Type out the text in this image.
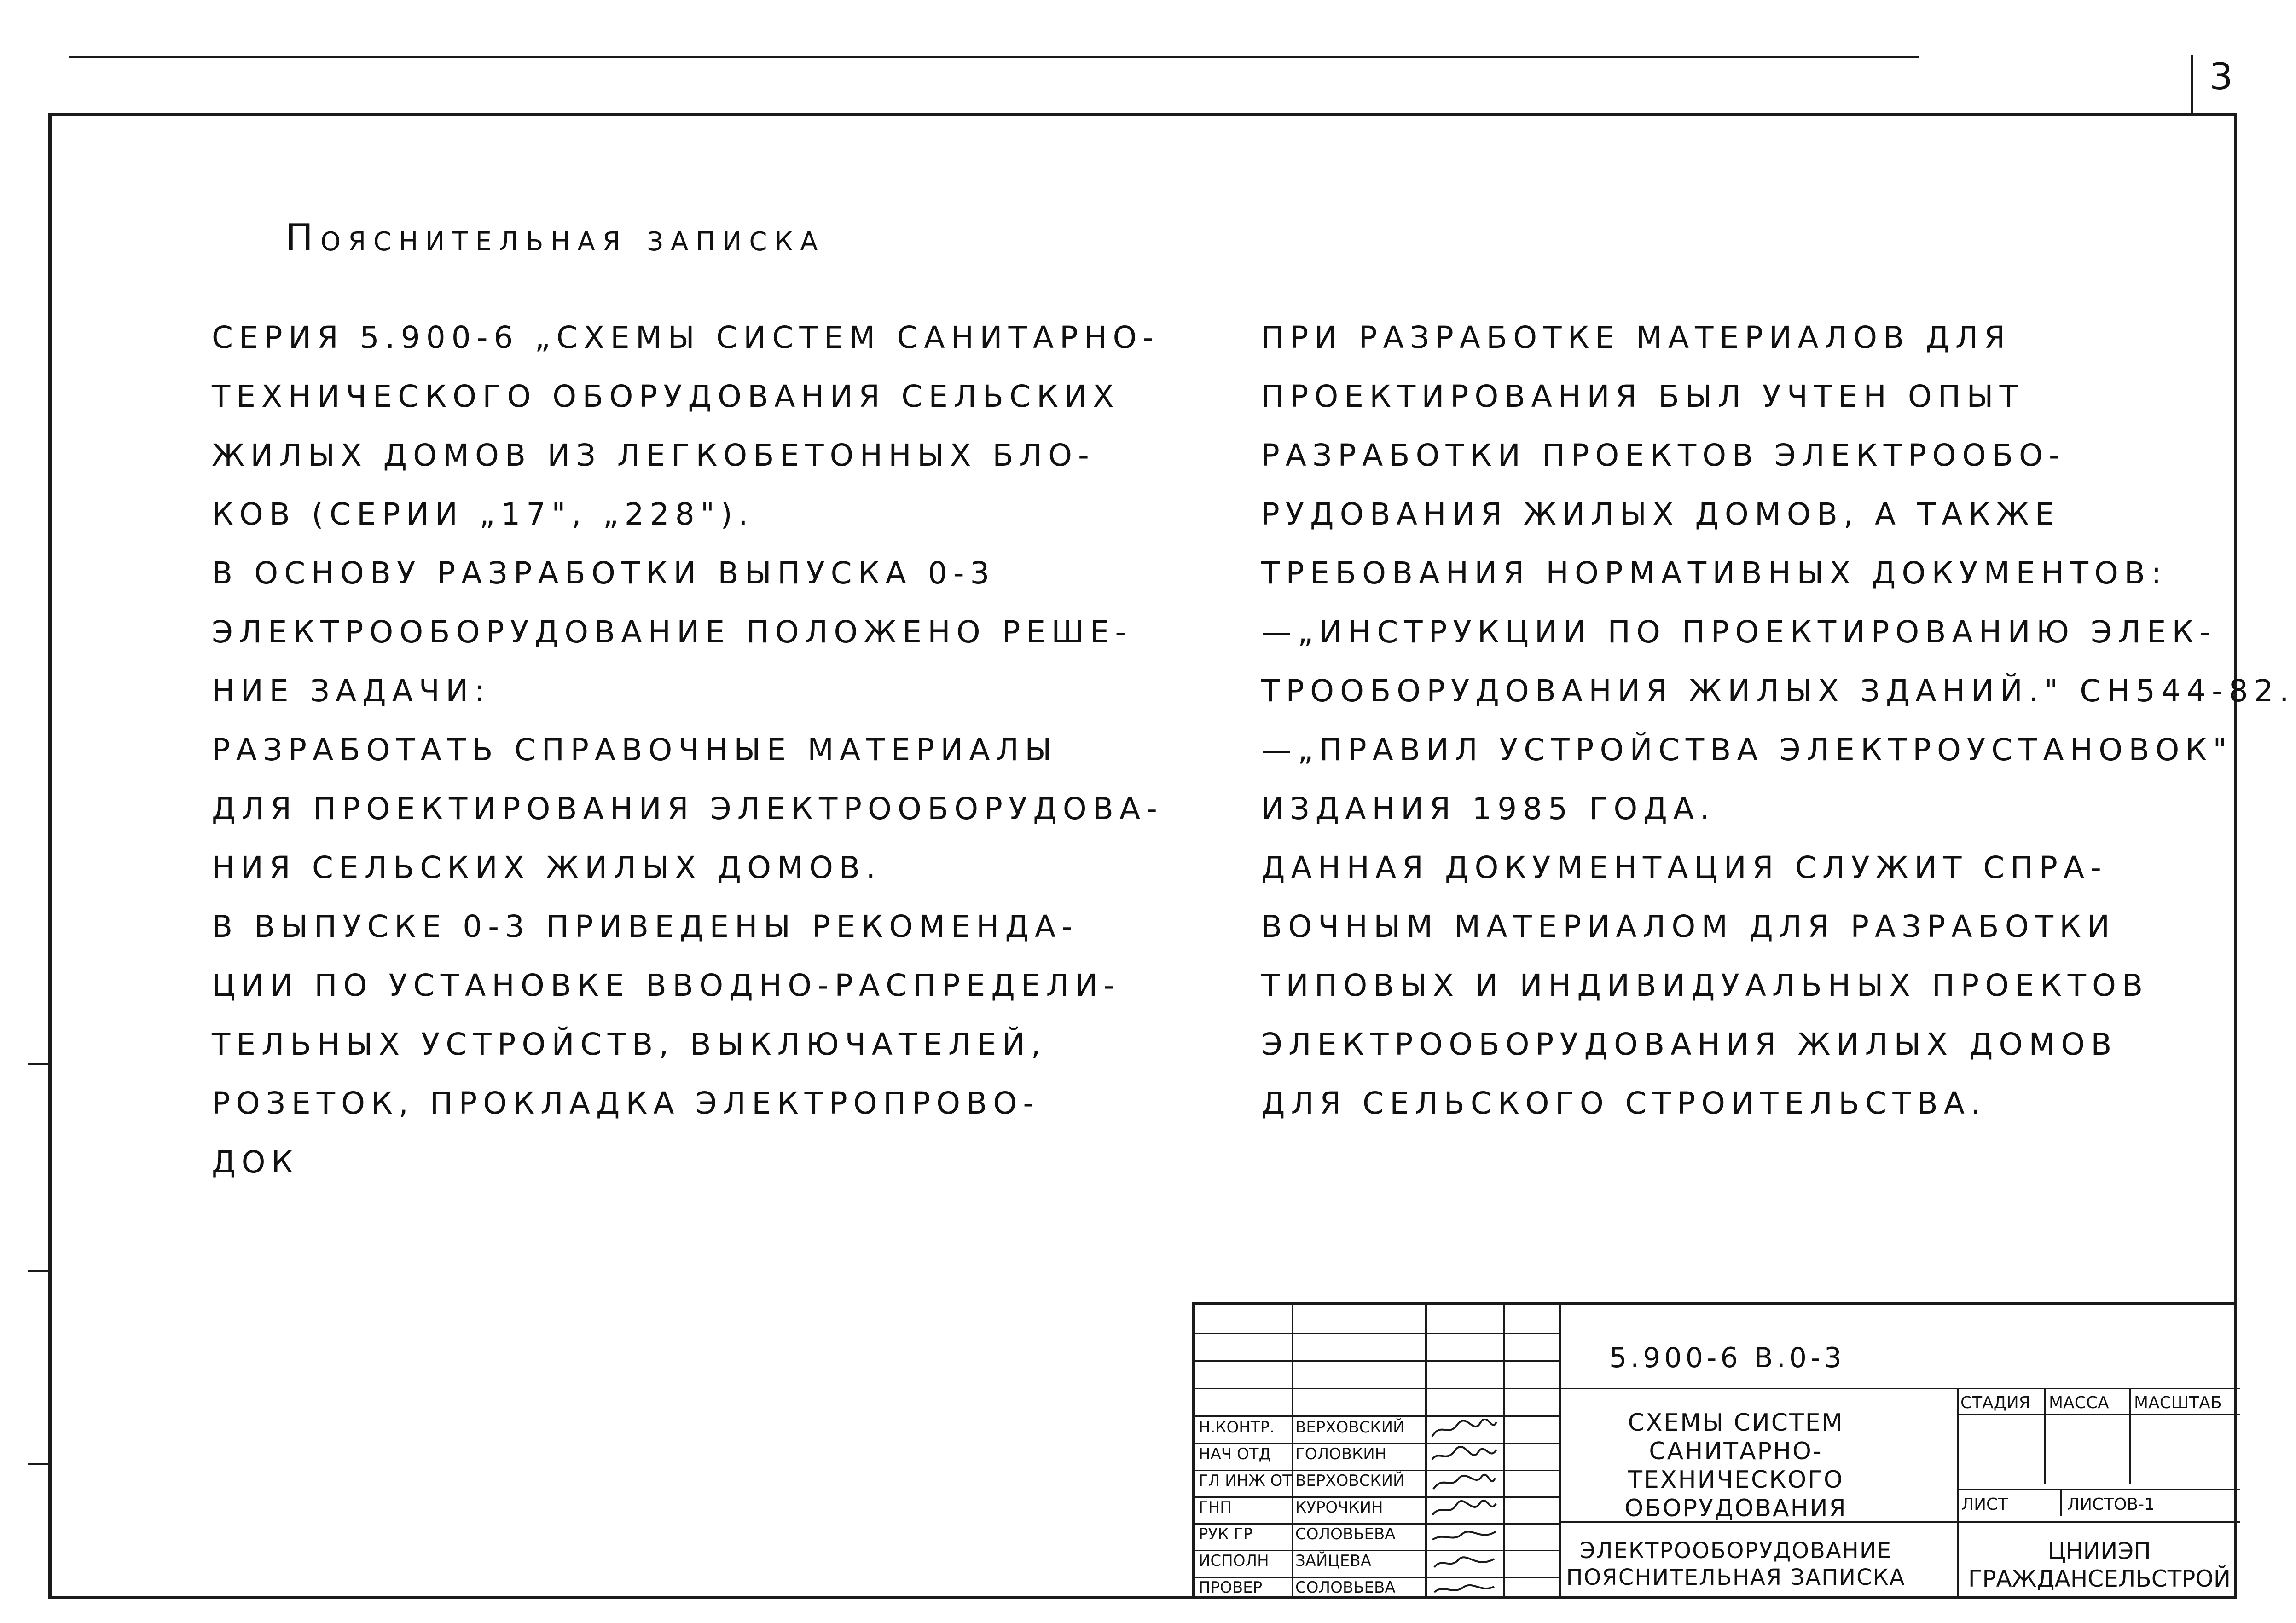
3
Пояснительная записка
СЕРИЯ 5.900-6 „СХЕМЫ СИСТЕМ САНИТАРНО-
ТЕХНИЧЕСКОГО ОБОРУДОВАНИЯ СЕЛЬСКИХ
ЖИЛЫХ ДОМОВ ИЗ ЛЕГКОБЕТОННЫХ БЛО-
КОВ (СЕРИИ „17", „228").
В ОСНОВУ РАЗРАБОТКИ ВЫПУСКА 0-3
ЭЛЕКТРООБОРУДОВАНИЕ ПОЛОЖЕНО РЕШЕ-
НИЕ ЗАДАЧИ:
РАЗРАБОТАТЬ СПРАВОЧНЫЕ МАТЕРИАЛЫ
ДЛЯ ПРОЕКТИРОВАНИЯ ЭЛЕКТРООБОРУДОВА-
НИЯ СЕЛЬСКИХ ЖИЛЫХ ДОМОВ.
В ВЫПУСКЕ 0-3 ПРИВЕДЕНЫ РЕКОМЕНДА-
ЦИИ ПО УСТАНОВКЕ ВВОДНО-РАСПРЕДЕЛИ-
ТЕЛЬНЫХ УСТРОЙСТВ, ВЫКЛЮЧАТЕЛЕЙ,
РОЗЕТОК, ПРОКЛАДКА ЭЛЕКТРОПРОВО-
ДОК
ПРИ РАЗРАБОТКЕ МАТЕРИАЛОВ ДЛЯ
ПРОЕКТИРОВАНИЯ БЫЛ УЧТЕН ОПЫТ
РАЗРАБОТКИ ПРОЕКТОВ ЭЛЕКТРООБО-
РУДОВАНИЯ ЖИЛЫХ ДОМОВ, А ТАКЖЕ
ТРЕБОВАНИЯ НОРМАТИВНЫХ ДОКУМЕНТОВ:
—„ИНСТРУКЦИИ ПО ПРОЕКТИРОВАНИЮ ЭЛЕК-
ТРООБОРУДОВАНИЯ ЖИЛЫХ ЗДАНИЙ." СН544-82.
—„ПРАВИЛ УСТРОЙСТВА ЭЛЕКТРОУСТАНОВОК"
ИЗДАНИЯ 1985 ГОДА.
ДАННАЯ ДОКУМЕНТАЦИЯ СЛУЖИТ СПРА-
ВОЧНЫМ МАТЕРИАЛОМ ДЛЯ РАЗРАБОТКИ
ТИПОВЫХ И ИНДИВИДУАЛЬНЫХ ПРОЕКТОВ
ЭЛЕКТРООБОРУДОВАНИЯ ЖИЛЫХ ДОМОВ
ДЛЯ СЕЛЬСКОГО СТРОИТЕЛЬСТВА.
Н.КОНТР. ВЕРХОВСКИЙ
НАЧ ОТД ГОЛОВКИН
ГЛ ИНЖ ОТ ВЕРХОВСКИЙ
ГНП	КУРОЧКИН
РУК ГР	СОЛОВЬЕВА
ИСПОЛН ЗАЙЦЕВА
ПРОВЕР СОЛОВЬЕВА
5.900-6 В.0-3
СТАДИЯ МАССА МАСШТАБ
ЛИСТ	ЛИСТОВ-1
СХЕМЫ СИСТЕМ САНИТАРНО-ТЕХНИЧЕСКОГО ОБОРУДОВАНИЯ
ЭЛЕКТРООБОРУДОВАНИЕ ПОЯСНИТЕЛЬНАЯ ЗАПИСКА
ЦНИИЭП ГРАЖДАНСЕЛЬСТРОЙ
